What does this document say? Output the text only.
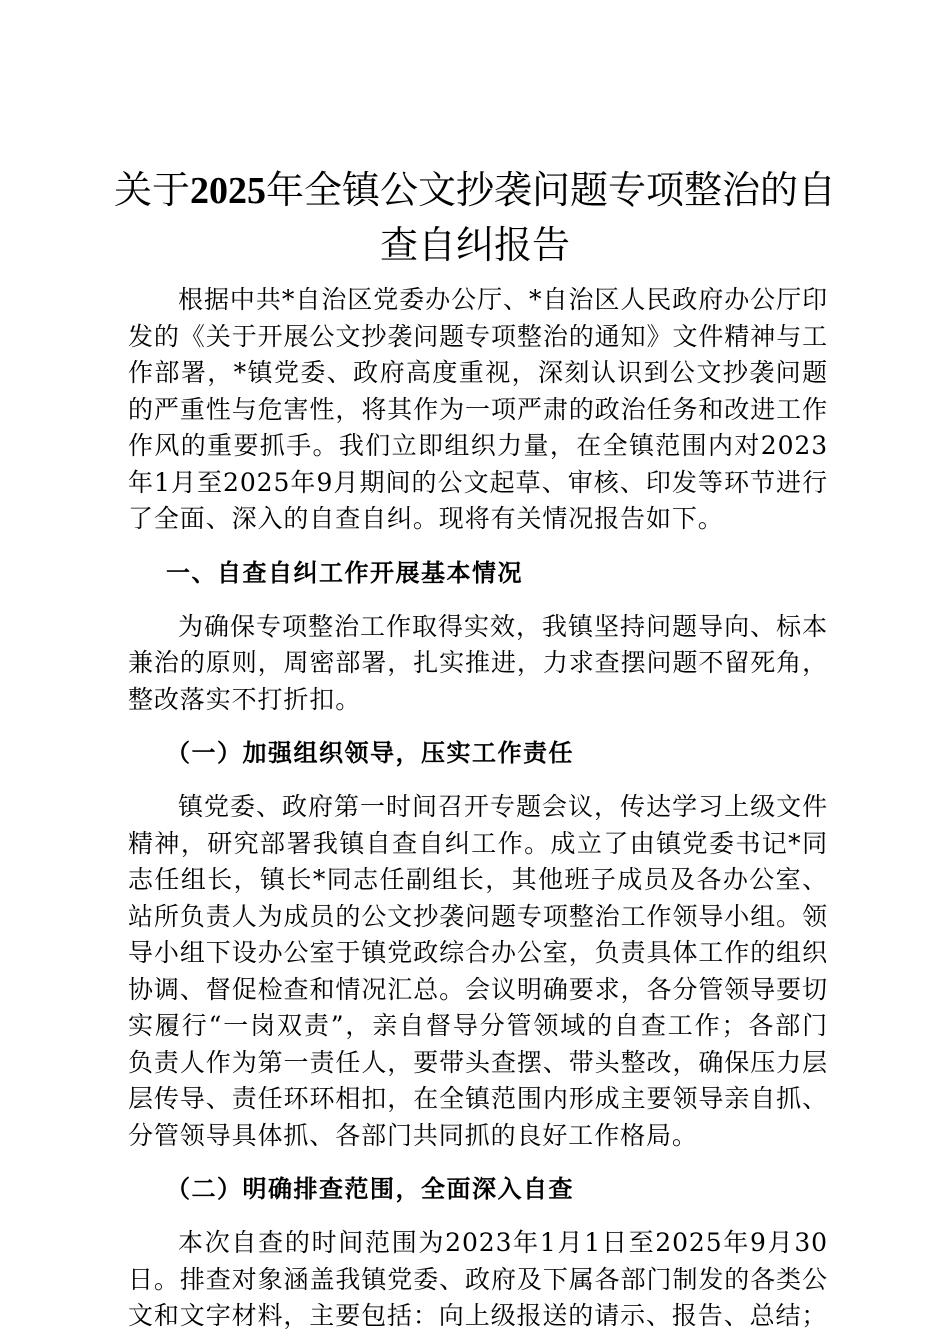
关于2025年全镇公文抄袭问题专项整治的自查自纠报告

根据中共*自治区党委办公厅、*自治区人民政府办公厅印发的《关于开展公文抄袭问题专项整治的通知》文件精神与工作部署，*镇党委、政府高度重视，深刻认识到公文抄袭问题的严重性与危害性，将其作为一项严肃的政治任务和改进工作作风的重要抓手。我们立即组织力量，在全镇范围内对2023年1月至2025年9月期间的公文起草、审核、印发等环节进行了全面、深入的自查自纠。现将有关情况报告如下。

一、自查自纠工作开展基本情况

为确保专项整治工作取得实效，我镇坚持问题导向、标本兼治的原则，周密部署，扎实推进，力求查摆问题不留死角，整改落实不打折扣。

（一）加强组织领导，压实工作责任

镇党委、政府第一时间召开专题会议，传达学习上级文件精神，研究部署我镇自查自纠工作。成立了由镇党委书记*同志任组长，镇长*同志任副组长，其他班子成员及各办公室、站所负责人为成员的公文抄袭问题专项整治工作领导小组。领导小组下设办公室于镇党政综合办公室，负责具体工作的组织协调、督促检查和情况汇总。会议明确要求，各分管领导要切实履行“一岗双责”，亲自督导分管领域的自查工作；各部门负责人作为第一责任人，要带头查摆、带头整改，确保压力层层传导、责任环环相扣，在全镇范围内形成主要领导亲自抓、分管领导具体抓、各部门共同抓的良好工作格局。

（二）明确排查范围，全面深入自查

本次自查的时间范围为2023年1月1日至2025年9月30日。排查对象涵盖我镇党委、政府及下属各部门制发的各类公文和文字材料，主要包括：向上级报送的请示、报告、总结；
